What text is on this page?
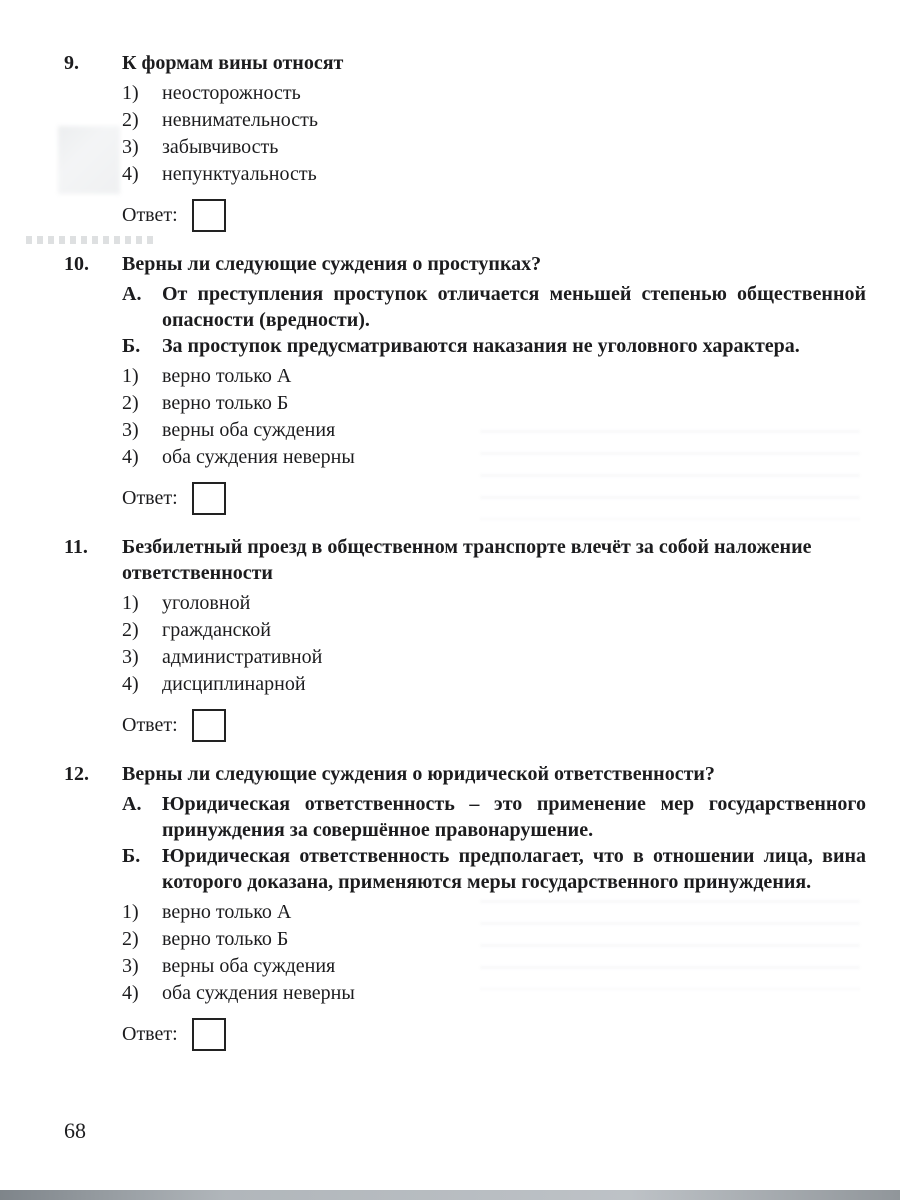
9.	К формам вины относят
1)	неосторожность
2)	невнимательность
3)	забывчивость
4)	непунктуальность
Ответ:
10.	Верны ли следующие суждения о проступках?
А.	От преступления проступок отличается меньшей степенью общественной опасности (вредности).
Б.	За проступок предусматриваются наказания не уголовного характера.
1)	верно только А
2)	верно только Б
3)	верны оба суждения
4)	оба суждения неверны
Ответ:
11.	Безбилетный проезд в общественном транспорте влечёт за собой наложение ответственности
1)	уголовной
2)	гражданской
3)	административной
4)	дисциплинарной
Ответ:
12.	Верны ли следующие суждения о юридической ответственности?
А.	Юридическая ответственность – это применение мер государственного принуждения за совершённое правонарушение.
Б.	Юридическая ответственность предполагает, что в отношении лица, вина которого доказана, применяются меры государственного принуждения.
1)	верно только А
2)	верно только Б
3)	верны оба суждения
4)	оба суждения неверны
Ответ:
68
